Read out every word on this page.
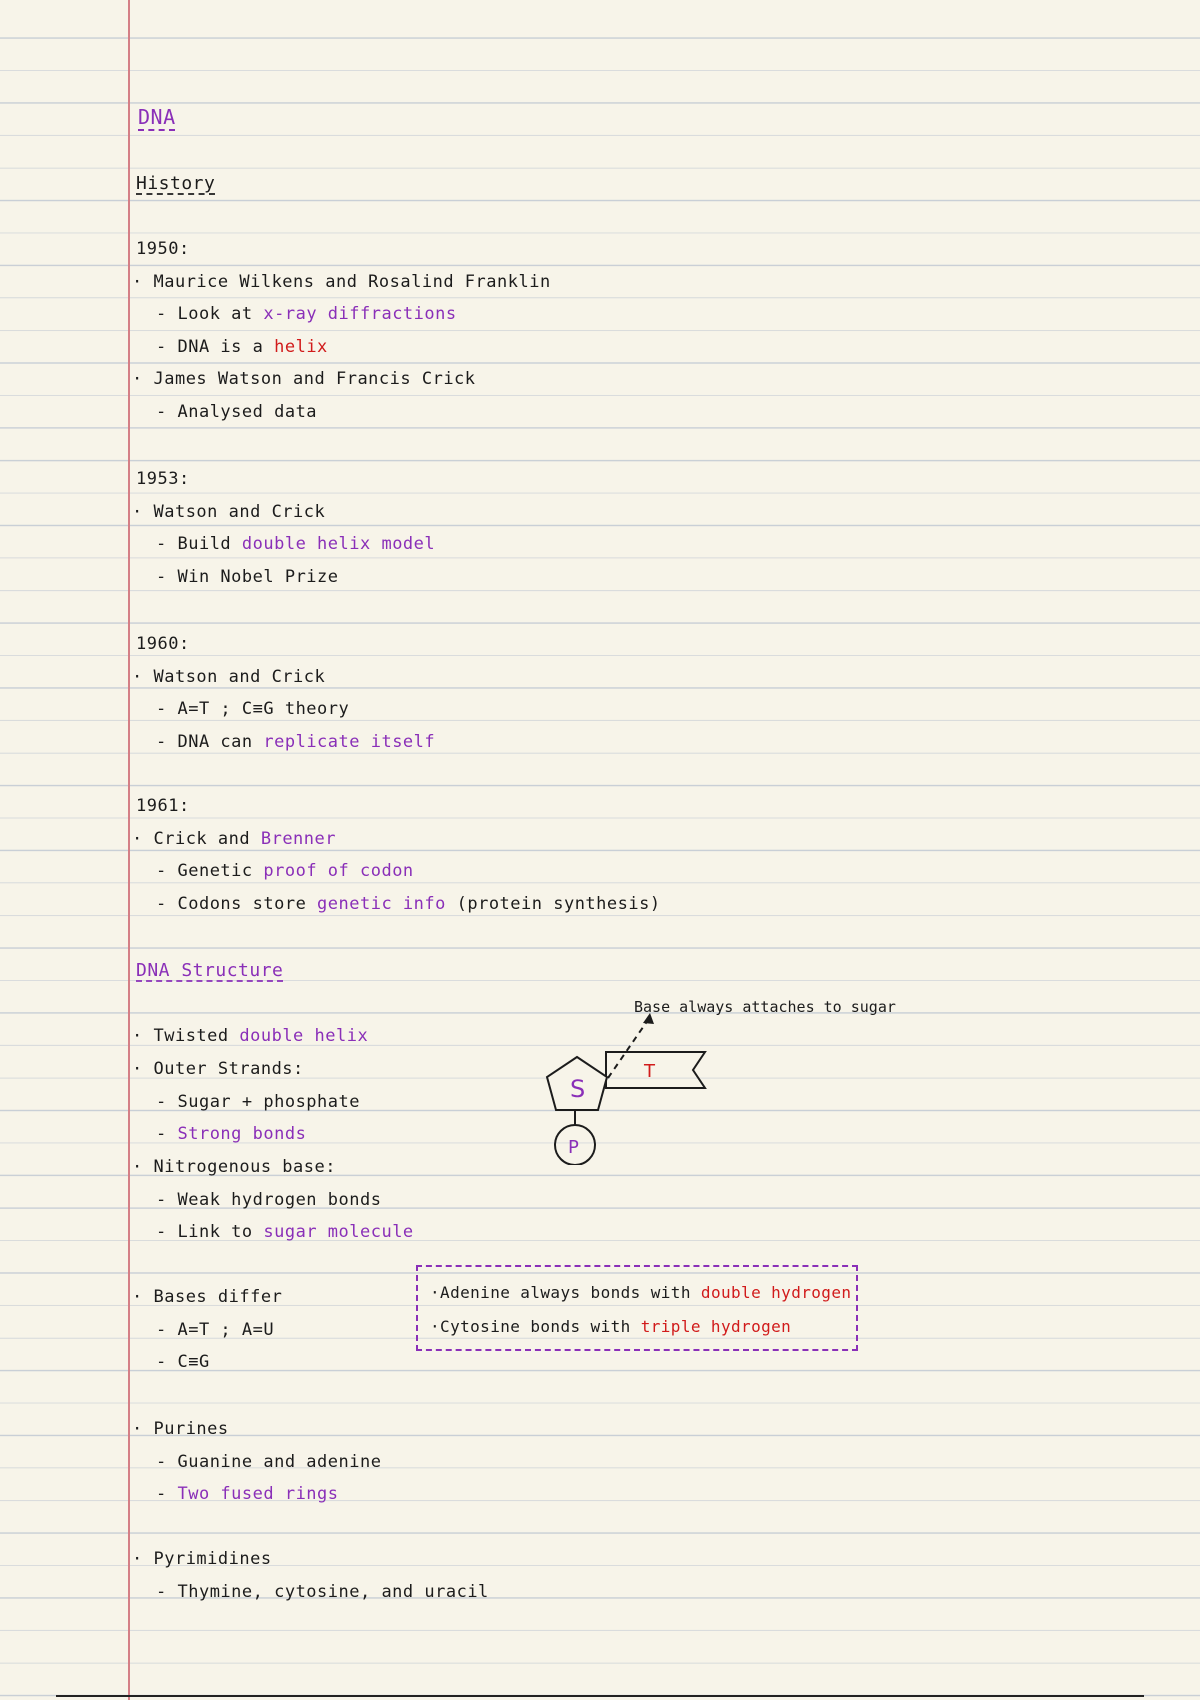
DNA
History
1950:
· Maurice Wilkens and Rosalind Franklin
- Look at x-ray diffractions
- DNA is a helix
· James Watson and Francis Crick
- Analysed data
1953:
· Watson and Crick
- Build double helix model
- Win Nobel Prize
1960:
· Watson and Crick
- A=T ; C≡G theory
- DNA can replicate itself
1961:
· Crick and Brenner
- Genetic proof of codon
- Codons store genetic info (protein synthesis)
DNA Structure
· Twisted double helix
· Outer Strands:
- Sugar + phosphate
- Strong bonds
· Nitrogenous base:
- Weak hydrogen bonds
- Link to sugar molecule
· Bases differ
- A=T ; A=U
- C≡G
· Purines
- Guanine and adenine
- Two fused rings
· Pyrimidines
- Thymine, cytosine, and uracil
S
T
P
Base always attaches to sugar
·Adenine always bonds with double hydrogen
·Cytosine bonds with triple hydrogen
